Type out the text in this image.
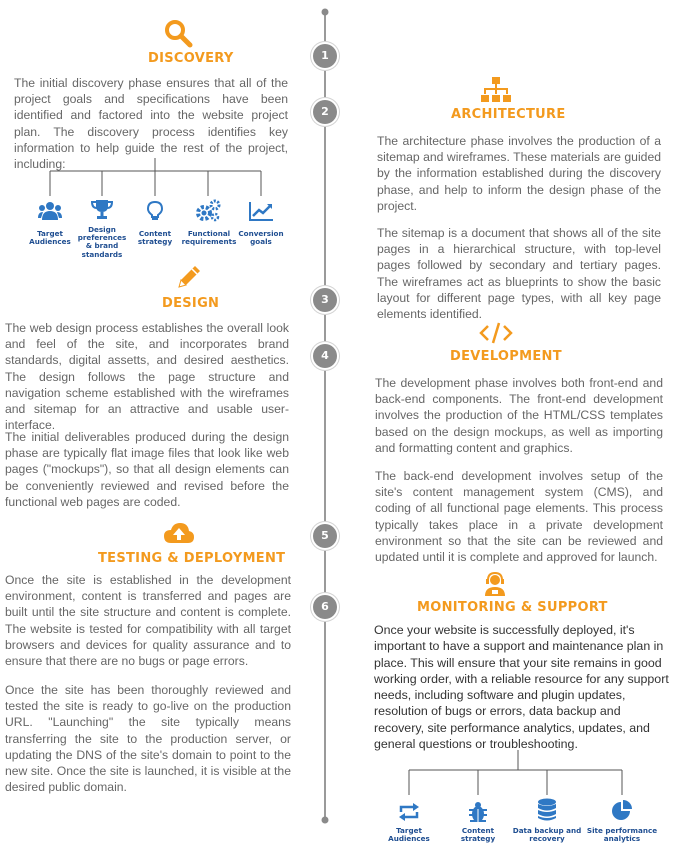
1
2
3
4
5
6
DISCOVERY

The initial discovery phase ensures that all of the project goals and specifications have been identified and factored into the website project plan. The discovery process identifies key information to help guide the rest of the project, including:

Target Audiences
Design preferences & brand standards
Content strategy
Functional requirements
Conversion goals
ARCHITECTURE

The architecture phase involves the production of a sitemap and wireframes. These materials are guided by the information established during the discovery phase, and help to inform the design phase of the project.

The sitemap is a document that shows all of the site pages in a hierarchical structure, with top-level pages followed by secondary and tertiary pages. The wireframes act as blueprints to show the basic layout for different page types, with all key page elements identified.

DESIGN

The web design process establishes the overall look and feel of the site, and incorporates brand standards, digital assetts, and desired aesthetics. The design follows the page structure and navigation scheme established with the wireframes and sitemap for an attractive and usable user-interface.

The initial deliverables produced during the design phase are typically flat image files that look like web pages ("mockups"), so that all design elements can be conveniently reviewed and revised before the functional web pages are coded.

DEVELOPMENT

The development phase involves both front-end and back-end components. The front-end development involves the production of the HTML/CSS templates based on the design mockups, as well as importing and formatting content and graphics.

The back-end development involves setup of the site's content management system (CMS), and coding of all functional page elements. This process typically takes place in a private development environment so that the site can be reviewed and updated until it is complete and approved for launch.

TESTING & DEPLOYMENT

Once the site is established in the development environment, content is transferred and pages are built until the site structure and content is complete. The website is tested for compatibility with all target browsers and devices for quality assurance and to ensure that there are no bugs or page errors.

Once the site has been thoroughly reviewed and tested the site is ready to go-live on the production URL. "Launching" the site typically means transferring the site to the production server, or updating the DNS of the site's domain to point to the new site. Once the site is launched, it is visible at the desired public domain.

MONITORING & SUPPORT

Once your website is successfully deployed, it's important to have a support and maintenance plan in place. This will ensure that your site remains in good working order, with a reliable resource for any support needs, including software and plugin updates, resolution of bugs or errors, data backup and recovery, site performance analytics, updates, and general questions or troubleshooting.

Target Audiences
Content strategy
Data backup and recovery
Site performance analytics
